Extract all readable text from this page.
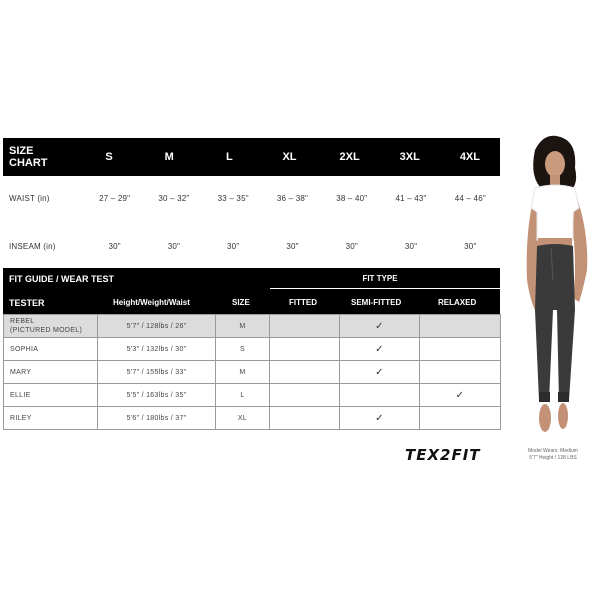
SIZE
CHART	S	M	L	XL	2XL	3XL	4XL
WAIST (in)	27 – 29"	30 – 32"	33 – 35"	36 – 38"	38 – 40"	41 – 43"	44 – 46"
INSEAM (in)	30"	30"	30"	30"	30"	30"	30"
FIT GUIDE / WEAR TEST	FIT TYPE
TESTER	Height/Weight/Waist	SIZE	FITTED	SEMI-FITTED	RELAXED
REBEL
(PICTURED MODEL)	5'7" / 128lbs / 26"	M		✓	
SOPHIA	5'3" / 132lbs / 30"	S		✓	
MARY	5'7" / 155lbs / 33"	M		✓	
ELLIE	5'5" / 163lbs / 35"	L			✓
RILEY	5'6" / 180lbs / 37"	XL		✓	
TEX2FIT	Model Wears: Medium
5'7" Height / 128 LBS
